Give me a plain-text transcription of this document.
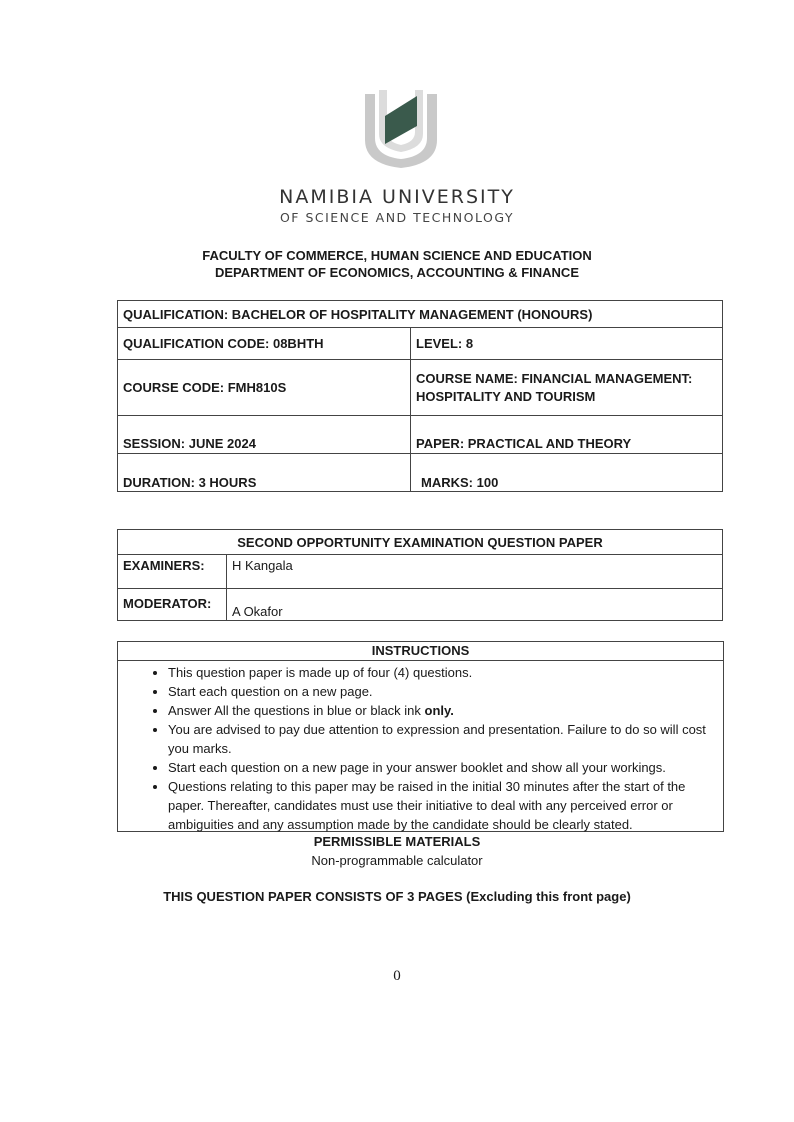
NAMIBIA UNIVERSITY
OF SCIENCE AND TECHNOLOGY
FACULTY OF COMMERCE, HUMAN SCIENCE AND EDUCATION
DEPARTMENT OF ECONOMICS, ACCOUNTING & FINANCE
QUALIFICATION: BACHELOR OF HOSPITALITY MANAGEMENT (HONOURS)	
QUALIFICATION CODE: 08BHTH	LEVEL: 8
COURSE CODE: FMH810S	COURSE NAME: FINANCIAL MANAGEMENT: HOSPITALITY AND TOURISM
SESSION: JUNE 2024	PAPER: PRACTICAL AND THEORY
DURATION: 3 HOURS	MARKS: 100
SECOND OPPORTUNITY EXAMINATION QUESTION PAPER	
EXAMINERS:	H Kangala
MODERATOR:	A Okafor
INSTRUCTIONS
• This question paper is made up of four (4) questions.
• Start each question on a new page.
• Answer All the questions in blue or black ink only.
• You are advised to pay due attention to expression and presentation. Failure to do so will cost you marks.
• Start each question on a new page in your answer booklet and show all your workings.
• Questions relating to this paper may be raised in the initial 30 minutes after the start of the paper. Thereafter, candidates must use their initiative to deal with any perceived error or ambiguities and any assumption made by the candidate should be clearly stated.
PERMISSIBLE MATERIALS
Non-programmable calculator
THIS QUESTION PAPER CONSISTS OF 3 PAGES (Excluding this front page)
0
